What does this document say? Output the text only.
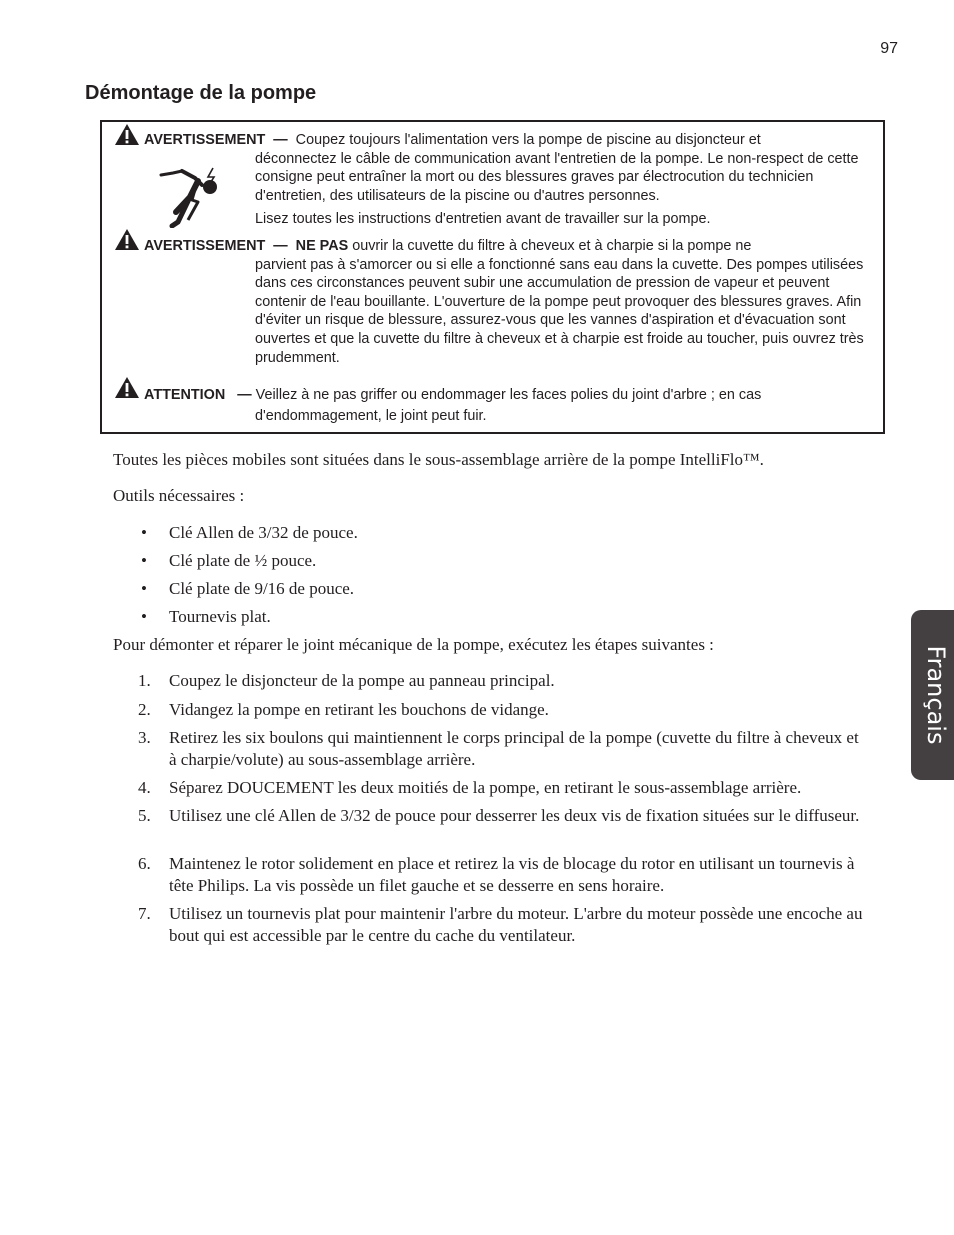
97
Démontage de la pompe
AVERTISSEMENT — Coupez toujours l'alimentation vers la pompe de piscine au disjoncteur et
déconnectez le câble de communication avant l'entretien de la pompe. Le non-respect de cette consigne peut entraîner la mort ou des blessures graves par électrocution du technicien d'entretien, des utilisateurs de la piscine ou d'autres personnes.
Lisez toutes les instructions d'entretien avant de travailler sur la pompe.
AVERTISSEMENT — NE PAS ouvrir la cuvette du filtre à cheveux et à charpie si la pompe ne
parvient pas à s'amorcer ou si elle a fonctionné sans eau dans la cuvette. Des pompes utilisées dans ces circonstances peuvent subir une accumulation de pression de vapeur et peuvent contenir de l'eau bouillante. L'ouverture de la pompe peut provoquer des blessures graves. Afin d'éviter un risque de blessure, assurez-vous que les vannes d'aspiration et d'évacuation sont ouvertes et que la cuvette du filtre à cheveux et à charpie est froide au toucher, puis ouvrez très prudemment.
ATTENTION — Veillez à ne pas griffer ou endommager les faces polies du joint d'arbre ; en cas
d'endommagement, le joint peut fuir.

Toutes les pièces mobiles sont situées dans le sous-assemblage arrière de la pompe IntelliFlo™.

Outils nécessaires :

•	Clé Allen de 3/32 de pouce.
•	Clé plate de ½ pouce.
•	Clé plate de 9/16 de pouce.
•	Tournevis plat.

Pour démonter et réparer le joint mécanique de la pompe, exécutez les étapes suivantes :

1.	Coupez le disjoncteur de la pompe au panneau principal.
2.	Vidangez la pompe en retirant les bouchons de vidange.
3.	Retirez les six boulons qui maintiennent le corps principal de la pompe (cuvette du filtre à cheveux et à charpie/volute) au sous-assemblage arrière.
4.	Séparez DOUCEMENT les deux moitiés de la pompe, en retirant le sous-assemblage arrière.
5.	Utilisez une clé Allen de 3/32 de pouce pour desserrer les deux vis de fixation situées sur le diffuseur.
6.	Maintenez le rotor solidement en place et retirez la vis de blocage du rotor en utilisant un tournevis à tête Philips. La vis possède un filet gauche et se desserre en sens horaire.
7.	Utilisez un tournevis plat pour maintenir l'arbre du moteur. L'arbre du moteur possède une encoche au bout qui est accessible par le centre du cache du ventilateur.
Français
